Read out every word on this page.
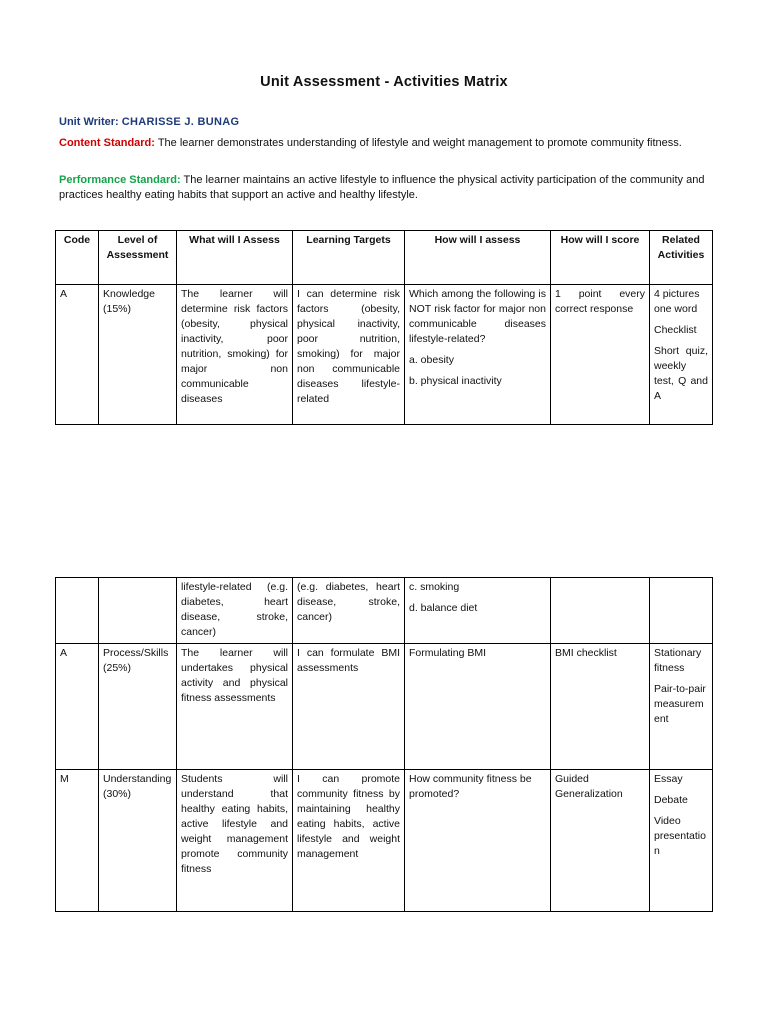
Unit Assessment - Activities Matrix
Unit Writer: CHARISSE J. BUNAG
Content Standard: The learner demonstrates understanding of lifestyle and weight management to promote community fitness.
Performance Standard: The learner maintains an active lifestyle to influence the physical activity participation of the community and practices healthy eating habits that support an active and healthy lifestyle.
Code	Level of Assessment	What will I Assess	Learning Targets	How will I assess	How will I score	Related Activities
A	Knowledge (15%)	The learner will determine risk factors (obesity, physical inactivity, poor nutrition, smoking) for major non communicable diseases	I can determine risk factors (obesity, physical inactivity, poor nutrition, smoking) for major non communicable diseases lifestyle-related	Which among the following is NOT risk factor for major non communicable diseases lifestyle-related?
a. obesity
b. physical inactivity	1 point every correct response	4 pictures one word
Checklist
Short quiz, weekly test, Q and A
		lifestyle-related (e.g. diabetes, heart disease, stroke, cancer)	(e.g. diabetes, heart disease, stroke, cancer)	c. smoking
d. balance diet		

A	Process/Skills (25%)	The learner will undertakes physical activity and physical fitness assessments	I can formulate BMI assessments	Formulating BMI	BMI checklist	Stationary fitness
Pair-to-pair measurement

M	Understanding (30%)	Students will understand that healthy eating habits, active lifestyle and weight management promote community fitness	I can promote community fitness by maintaining healthy eating habits, active lifestyle and weight management	How community fitness be promoted?	Guided Generalization	Essay
Debate
Video presentation
